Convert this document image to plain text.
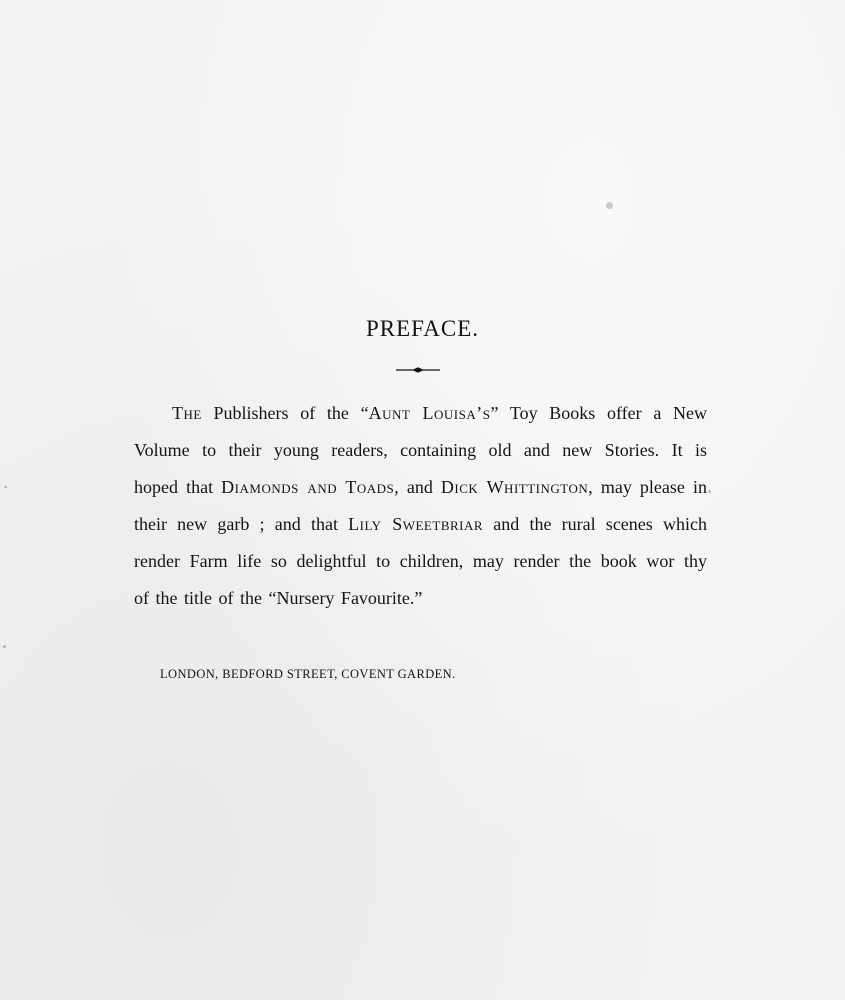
PREFACE.
The Publishers of the “Aunt Louisa’s” Toy Books offer a New
Volume to their young readers, containing old and new Stories. It is
hoped that Diamonds and Toads, and Dick Whittington, may please in
their new garb ; and that Lily Sweetbriar and the rural scenes which
render Farm life so delightful to children, may render the book wor thy
of the title of the “Nursery Favourite.”
LONDON, BEDFORD STREET, COVENT GARDEN.
